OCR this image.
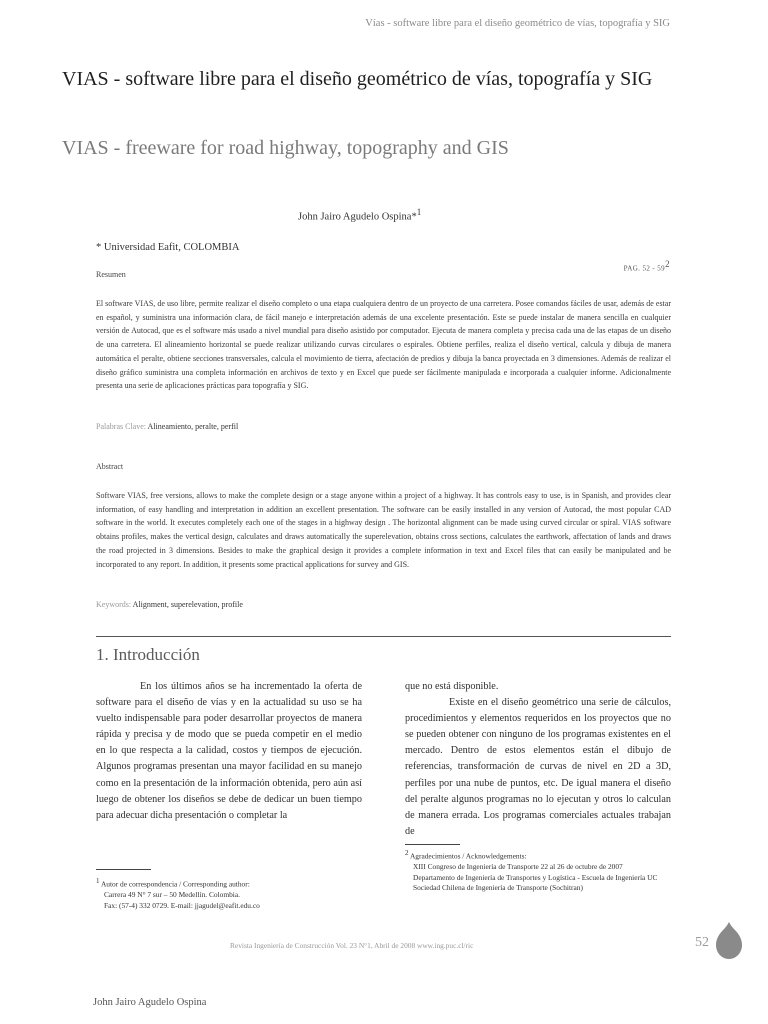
Vías - software libre para el diseño geométrico de vías, topografía y SIG
VIAS - software libre para el diseño geométrico de vías, topografía y SIG
VIAS - freeware for road highway, topography and GIS
John Jairo Agudelo Ospina*$^1$
* Universidad Eafit, COLOMBIA
PAG. $52 - 59^2$
Resumen

El software VIAS, de uso libre, permite realizar el diseño completo o una etapa cualquiera dentro de un proyecto de una carretera. Posee comandos fáciles de usar, además de estar en español, y suministra una información clara, de fácil manejo e interpretación además de una excelente presentación. Este se puede instalar de manera sencilla en cualquier versión de Autocad, que es el software más usado a nivel mundial para diseño asistido por computador. Ejecuta de manera completa y precisa cada una de las etapas de un diseño de una carretera. El alineamiento horizontal se puede realizar utilizando curvas circulares o espirales. Obtiene perfiles, realiza el diseño vertical, calcula y dibuja de manera automática el peralte, obtiene secciones transversales, calcula el movimiento de tierra, afectación de predios y dibuja la banca proyectada en 3 dimensiones. Además de realizar el diseño gráfico suministra una completa información en archivos de texto y en Excel que puede ser fácilmente manipulada e incorporada a cualquier informe. Adicionalmente presenta una serie de aplicaciones prácticas para topografía y SIG.

Palabras Clave: Alineamiento, peralte, perfil
Abstract

Software VIAS, free versions, allows to make the complete design or a stage anyone within a project of a highway. It has controls easy to use, is in Spanish, and provides clear information, of easy handling and interpretation in addition an excellent presentation. The software can be easily installed in any version of Autocad, the most popular CAD software in the world. It executes completely each one of the stages in a highway design . The horizontal alignment can be made using curved circular or spiral. VIAS software obtains profiles, makes the vertical design, calculates and draws automatically the superelevation, obtains cross sections, calculates the earthwork, affectation of lands and draws the road projected in 3 dimensions. Besides to make the graphical design it provides a complete information in text and Excel files that can easily be manipulated and be incorporated to any report. In addition, it presents some practical applications for survey and GIS.

Keywords: Alignment, superelevation, profile
1. Introducción

En los últimos años se ha incrementado la oferta de software para el diseño de vías y en la actualidad su uso se ha vuelto indispensable para poder desarrollar proyectos de manera rápida y precisa y de modo que se pueda competir en el medio en lo que respecta a la calidad, costos y tiempos de ejecución. Algunos programas presentan una mayor facilidad en su manejo como en la presentación de la información obtenida, pero aún así luego de obtener los diseños se debe de dedicar un buen tiempo para adecuar dicha presentación o completar la

que no está disponible.

Existe en el diseño geométrico una serie de cálculos, procedimientos y elementos requeridos en los proyectos que no se pueden obtener con ninguno de los programas existentes en el mercado. Dentro de estos elementos están el dibujo de referencias, transformación de curvas de nivel en 2D a 3D, perfiles por una nube de puntos, etc. De igual manera el diseño del peralte algunos programas no lo ejecutan y otros lo calculan de manera errada. Los programas comerciales actuales trabajan de

$^1$ Autor de correspondencia / Corresponding author:
Carrera 49 N° 7 sur – 50 Medellín. Colombia.
Fax: (57-4) 332 0729. E-mail: jjagudel@eafit.edu.co
$^2$ Agradecimientos / Acknowledgements:
XIII Congreso de Ingeniería de Transporte 22 al 26 de octubre de 2007
Departamento de Ingeniería de Transportes y Logística - Escuela de Ingeniería UC
Sociedad Chilena de Ingeniería de Transporte (Sochitran)
Revista Ingeniería de Construcción Vol. 23 N°1, Abril de 2008 www.ing.puc.cl/ric	52
John Jairo Agudelo Ospina
